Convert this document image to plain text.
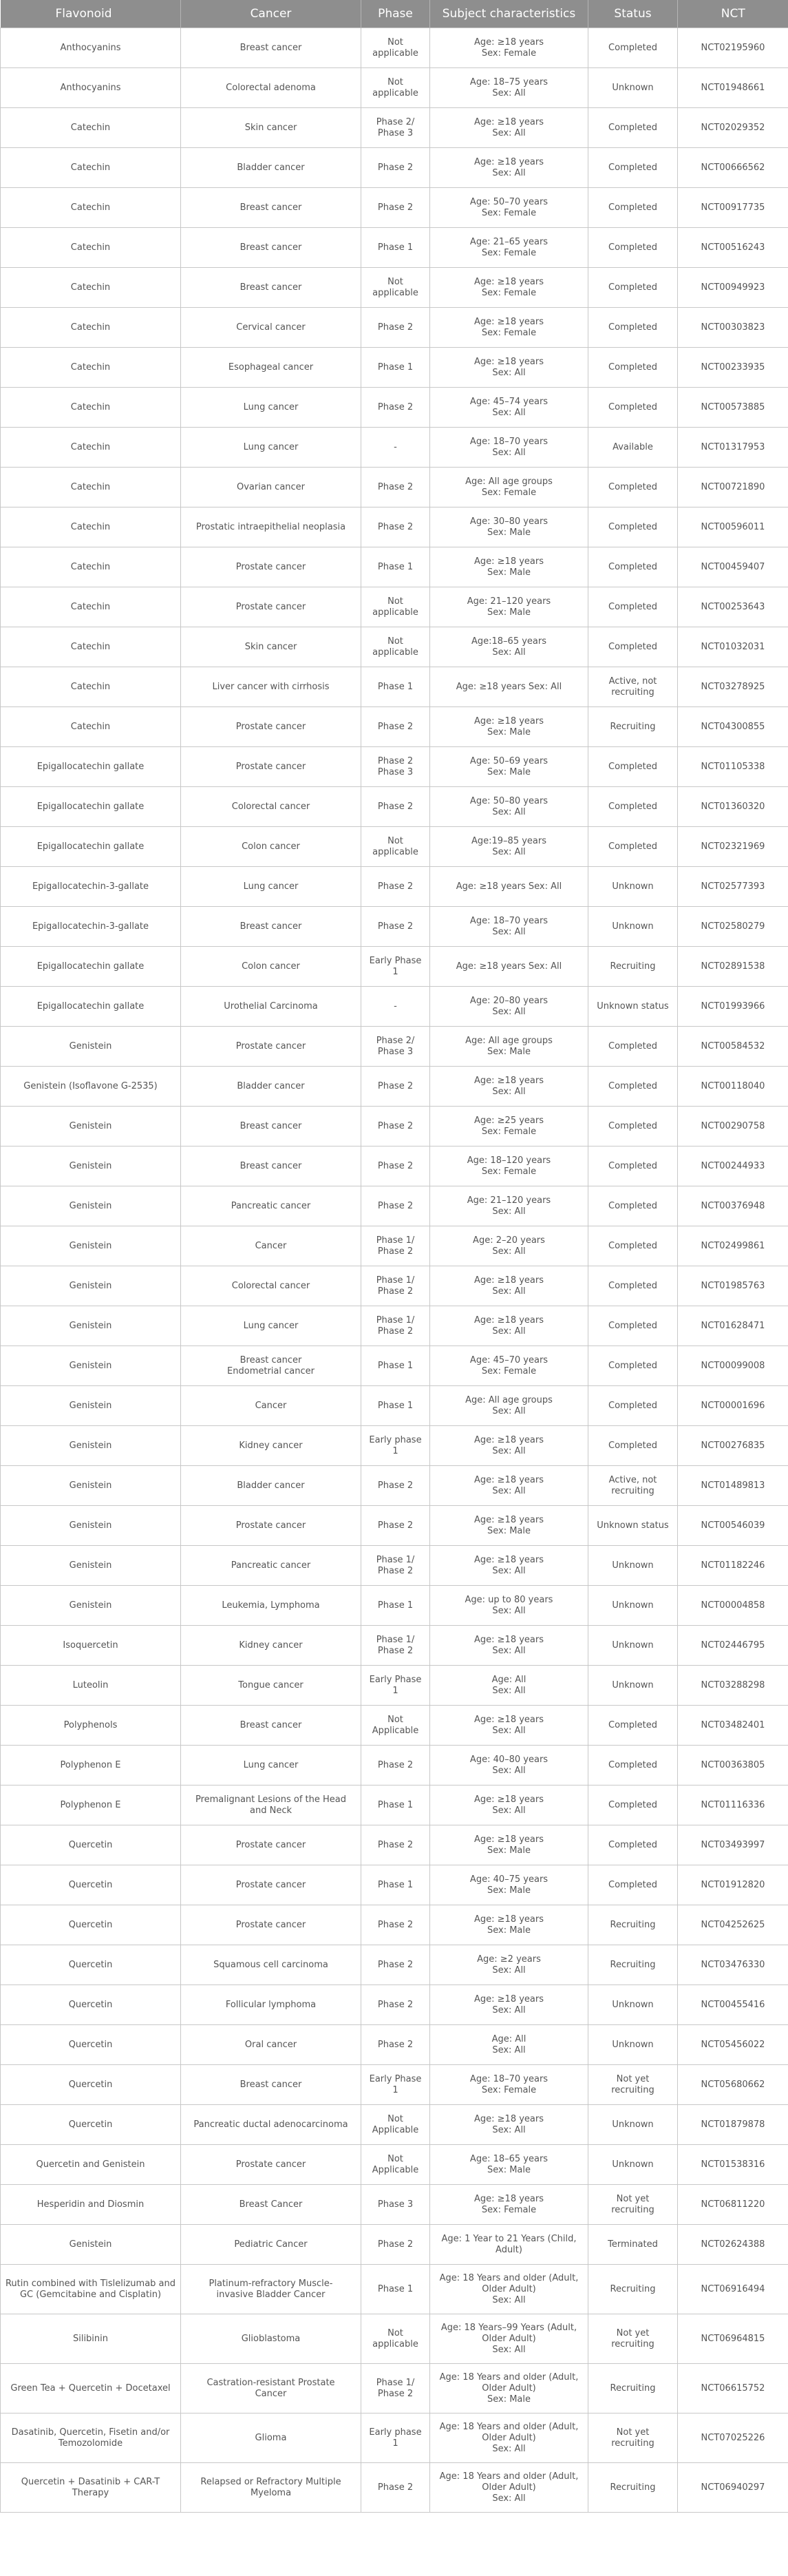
Flavonoid	Cancer	Phase	Subject characteristics	Status	NCT
Anthocyanins	Breast cancer	Not
applicable	Age: ≥18 years
Sex: Female	Completed	NCT02195960
Anthocyanins	Colorectal adenoma	Not
applicable	Age: 18–75 years
Sex: All	Unknown	NCT01948661
Catechin	Skin cancer	Phase 2/
Phase 3	Age: ≥18 years
Sex: All	Completed	NCT02029352
Catechin	Bladder cancer	Phase 2	Age: ≥18 years
Sex: All	Completed	NCT00666562
Catechin	Breast cancer	Phase 2	Age: 50–70 years
Sex: Female	Completed	NCT00917735
Catechin	Breast cancer	Phase 1	Age: 21–65 years
Sex: Female	Completed	NCT00516243
Catechin	Breast cancer	Not
applicable	Age: ≥18 years
Sex: Female	Completed	NCT00949923
Catechin	Cervical cancer	Phase 2	Age: ≥18 years
Sex: Female	Completed	NCT00303823
Catechin	Esophageal cancer	Phase 1	Age: ≥18 years
Sex: All	Completed	NCT00233935
Catechin	Lung cancer	Phase 2	Age: 45–74 years
Sex: All	Completed	NCT00573885
Catechin	Lung cancer	-	Age: 18–70 years
Sex: All	Available	NCT01317953
Catechin	Ovarian cancer	Phase 2	Age: All age groups
Sex: Female	Completed	NCT00721890
Catechin	Prostatic intraepithelial neoplasia	Phase 2	Age: 30–80 years
Sex: Male	Completed	NCT00596011
Catechin	Prostate cancer	Phase 1	Age: ≥18 years
Sex: Male	Completed	NCT00459407
Catechin	Prostate cancer	Not
applicable	Age: 21–120 years
Sex: Male	Completed	NCT00253643
Catechin	Skin cancer	Not
applicable	Age:18–65 years
Sex: All	Completed	NCT01032031
Catechin	Liver cancer with cirrhosis	Phase 1	Age: ≥18 years Sex: All	Active, not
recruiting	NCT03278925
Catechin	Prostate cancer	Phase 2	Age: ≥18 years
Sex: Male	Recruiting	NCT04300855
Epigallocatechin gallate	Prostate cancer	Phase 2
Phase 3	Age: 50–69 years
Sex: Male	Completed	NCT01105338
Epigallocatechin gallate	Colorectal cancer	Phase 2	Age: 50–80 years
Sex: All	Completed	NCT01360320
Epigallocatechin gallate	Colon cancer	Not
applicable	Age:19–85 years
Sex: All	Completed	NCT02321969
Epigallocatechin-3-gallate	Lung cancer	Phase 2	Age: ≥18 years Sex: All	Unknown	NCT02577393
Epigallocatechin-3-gallate	Breast cancer	Phase 2	Age: 18–70 years
Sex: All	Unknown	NCT02580279
Epigallocatechin gallate	Colon cancer	Early Phase 1	Age: ≥18 years Sex: All	Recruiting	NCT02891538
Epigallocatechin gallate	Urothelial Carcinoma	-	Age: 20–80 years
Sex: All	Unknown status	NCT01993966
Genistein	Prostate cancer	Phase 2/
Phase 3	Age: All age groups
Sex: Male	Completed	NCT00584532
Genistein (Isoflavone G-2535)	Bladder cancer	Phase 2	Age: ≥18 years
Sex: All	Completed	NCT00118040
Genistein	Breast cancer	Phase 2	Age: ≥25 years
Sex: Female	Completed	NCT00290758
Genistein	Breast cancer	Phase 2	Age: 18–120 years
Sex: Female	Completed	NCT00244933
Genistein	Pancreatic cancer	Phase 2	Age: 21–120 years
Sex: All	Completed	NCT00376948
Genistein	Cancer	Phase 1/
Phase 2	Age: 2–20 years
Sex: All	Completed	NCT02499861
Genistein	Colorectal cancer	Phase 1/
Phase 2	Age: ≥18 years
Sex: All	Completed	NCT01985763
Genistein	Lung cancer	Phase 1/
Phase 2	Age: ≥18 years
Sex: All	Completed	NCT01628471
Genistein	Breast cancer
Endometrial cancer	Phase 1	Age: 45–70 years
Sex: Female	Completed	NCT00099008
Genistein	Cancer	Phase 1	Age: All age groups
Sex: All	Completed	NCT00001696
Genistein	Kidney cancer	Early phase 1	Age: ≥18 years
Sex: All	Completed	NCT00276835
Genistein	Bladder cancer	Phase 2	Age: ≥18 years
Sex: All	Active, not
recruiting	NCT01489813
Genistein	Prostate cancer	Phase 2	Age: ≥18 years
Sex: Male	Unknown status	NCT00546039
Genistein	Pancreatic cancer	Phase 1/
Phase 2	Age: ≥18 years
Sex: All	Unknown	NCT01182246
Genistein	Leukemia, Lymphoma	Phase 1	Age: up to 80 years
Sex: All	Unknown	NCT00004858
Isoquercetin	Kidney cancer	Phase 1/
Phase 2	Age: ≥18 years
Sex: All	Unknown	NCT02446795
Luteolin	Tongue cancer	Early Phase 1	Age: All
Sex: All	Unknown	NCT03288298
Polyphenols	Breast cancer	Not
Applicable	Age: ≥18 years
Sex: All	Completed	NCT03482401
Polyphenon E	Lung cancer	Phase 2	Age: 40–80 years
Sex: All	Completed	NCT00363805
Polyphenon E	Premalignant Lesions of the Head
and Neck	Phase 1	Age: ≥18 years
Sex: All	Completed	NCT01116336
Quercetin	Prostate cancer	Phase 2	Age: ≥18 years
Sex: Male	Completed	NCT03493997
Quercetin	Prostate cancer	Phase 1	Age: 40–75 years
Sex: Male	Completed	NCT01912820
Quercetin	Prostate cancer	Phase 2	Age: ≥18 years
Sex: Male	Recruiting	NCT04252625
Quercetin	Squamous cell carcinoma	Phase 2	Age: ≥2 years
Sex: All	Recruiting	NCT03476330
Quercetin	Follicular lymphoma	Phase 2	Age: ≥18 years
Sex: All	Unknown	NCT00455416
Quercetin	Oral cancer	Phase 2	Age: All
Sex: All	Unknown	NCT05456022
Quercetin	Breast cancer	Early Phase 1	Age: 18–70 years
Sex: Female	Not yet
recruiting	NCT05680662
Quercetin	Pancreatic ductal adenocarcinoma	Not
Applicable	Age: ≥18 years
Sex: All	Unknown	NCT01879878
Quercetin and Genistein	Prostate cancer	Not
Applicable	Age: 18–65 years
Sex: Male	Unknown	NCT01538316
Hesperidin and Diosmin	Breast Cancer	Phase 3	Age: ≥18 years
Sex: Female	Not yet
recruiting	NCT06811220
Genistein	Pediatric Cancer	Phase 2	Age: 1 Year to 21 Years (Child,
Adult)	Terminated	NCT02624388
Rutin combined with Tislelizumab and
GC (Gemcitabine and Cisplatin)	Platinum-refractory Muscle-
invasive Bladder Cancer	Phase 1	Age: 18 Years and older (Adult,
Older Adult)
Sex: All	Recruiting	NCT06916494
Silibinin	Glioblastoma	Not
applicable	Age: 18 Years–99 Years (Adult,
Older Adult)
Sex: All	Not yet
recruiting	NCT06964815
Green Tea + Quercetin + Docetaxel	Castration-resistant Prostate
Cancer	Phase 1/
Phase 2	Age: 18 Years and older (Adult,
Older Adult)
Sex: Male	Recruiting	NCT06615752
Dasatinib, Quercetin, Fisetin and/or
Temozolomide	Glioma	Early phase 1	Age: 18 Years and older (Adult,
Older Adult)
Sex: All	Not yet
recruiting	NCT07025226
Quercetin + Dasatinib + CAR-T
Therapy	Relapsed or Refractory Multiple
Myeloma	Phase 2	Age: 18 Years and older (Adult,
Older Adult)
Sex: All	Recruiting	NCT06940297
